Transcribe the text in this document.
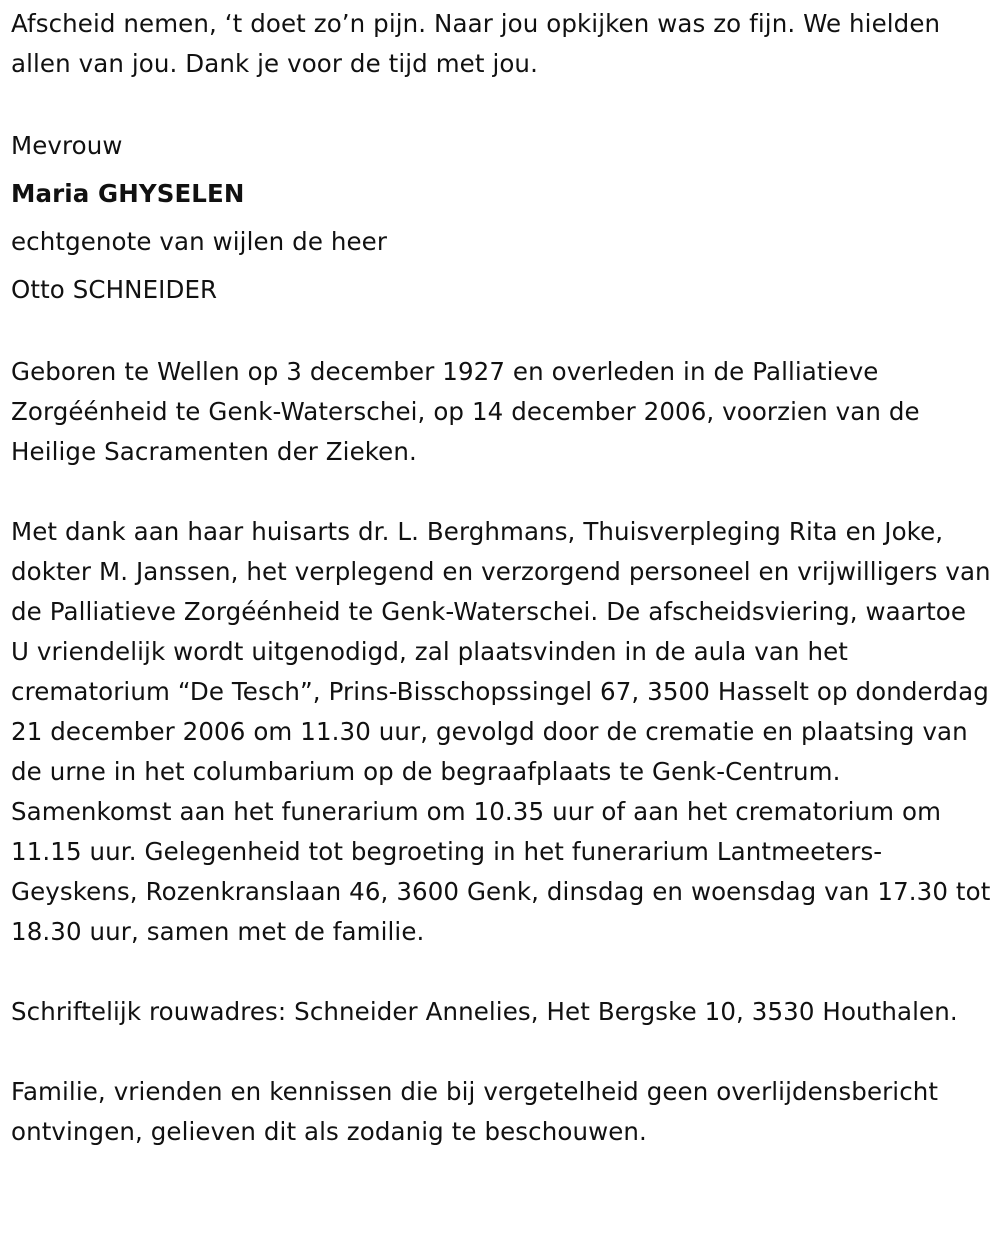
Afscheid nemen, ‘t doet zo’n pijn. Naar jou opkijken was zo fijn. We hielden allen van jou. Dank je voor de tijd met jou.

Mevrouw

Maria GHYSELEN

echtgenote van wijlen de heer

Otto SCHNEIDER

Geboren te Wellen op 3 december 1927 en overleden in de Palliatieve Zorgéénheid te Genk-Waterschei, op 14 december 2006, voorzien van de Heilige Sacramenten der Zieken.

Met dank aan haar huisarts dr. L. Berghmans, Thuisverpleging Rita en Joke, dokter M. Janssen, het verplegend en verzorgend personeel en vrijwilligers van de Palliatieve Zorgéénheid te Genk-Waterschei. De afscheidsviering, waartoe U vriendelijk wordt uitgenodigd, zal plaatsvinden in de aula van het crematorium “De Tesch”, Prins-Bisschopssingel 67, 3500 Hasselt op donderdag 21 december 2006 om 11.30 uur, gevolgd door de crematie en plaatsing van de urne in het columbarium op de begraafplaats te Genk-Centrum. Samenkomst aan het funerarium om 10.35 uur of aan het crematorium om 11.15 uur. Gelegenheid tot begroeting in het funerarium Lantmeeters-Geyskens, Rozenkranslaan 46, 3600 Genk, dinsdag en woensdag van 17.30 tot 18.30 uur, samen met de familie.

Schriftelijk rouwadres: Schneider Annelies, Het Bergske 10, 3530 Houthalen.

Familie, vrienden en kennissen die bij vergetelheid geen overlijdensbericht ontvingen, gelieven dit als zodanig te beschouwen.
